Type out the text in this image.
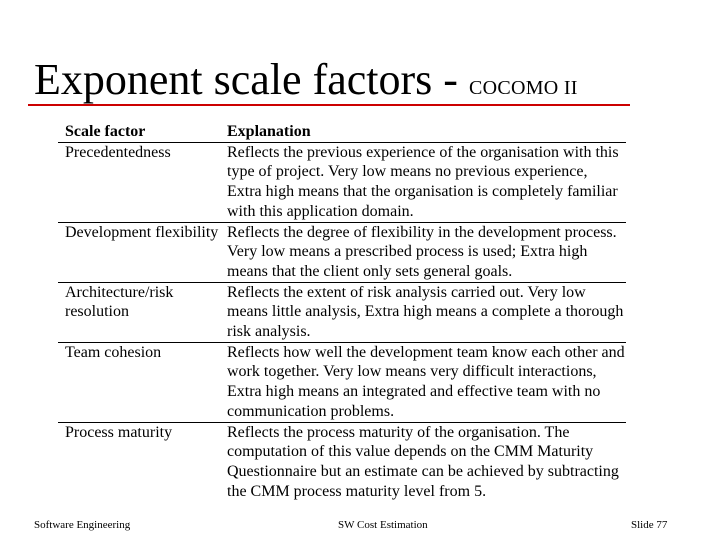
Exponent scale factors - COCOMO II
Scale factor	Explanation
Precedentedness	Reflects the previous experience of the organisation with this type of project. Very low means no previous experience, Extra high means that the organisation is completely familiar with this application domain.
Development flexibility	Reflects the degree of flexibility in the development process. Very low means a prescribed process is used; Extra high means that the client only sets general goals.
Architecture/risk resolution	Reflects the extent of risk analysis carried out. Very low means little analysis, Extra high means a complete a thorough risk analysis.
Team cohesion	Reflects how well the development team know each other and work together. Very low means very difficult interactions, Extra high means an integrated and effective team with no communication problems.
Process maturity	Reflects the process maturity of the organisation. The computation of this value depends on the CMM Maturity Questionnaire but an estimate can be achieved by subtracting the CMM process maturity level from 5.
Software Engineering	SW Cost Estimation	Slide 77
